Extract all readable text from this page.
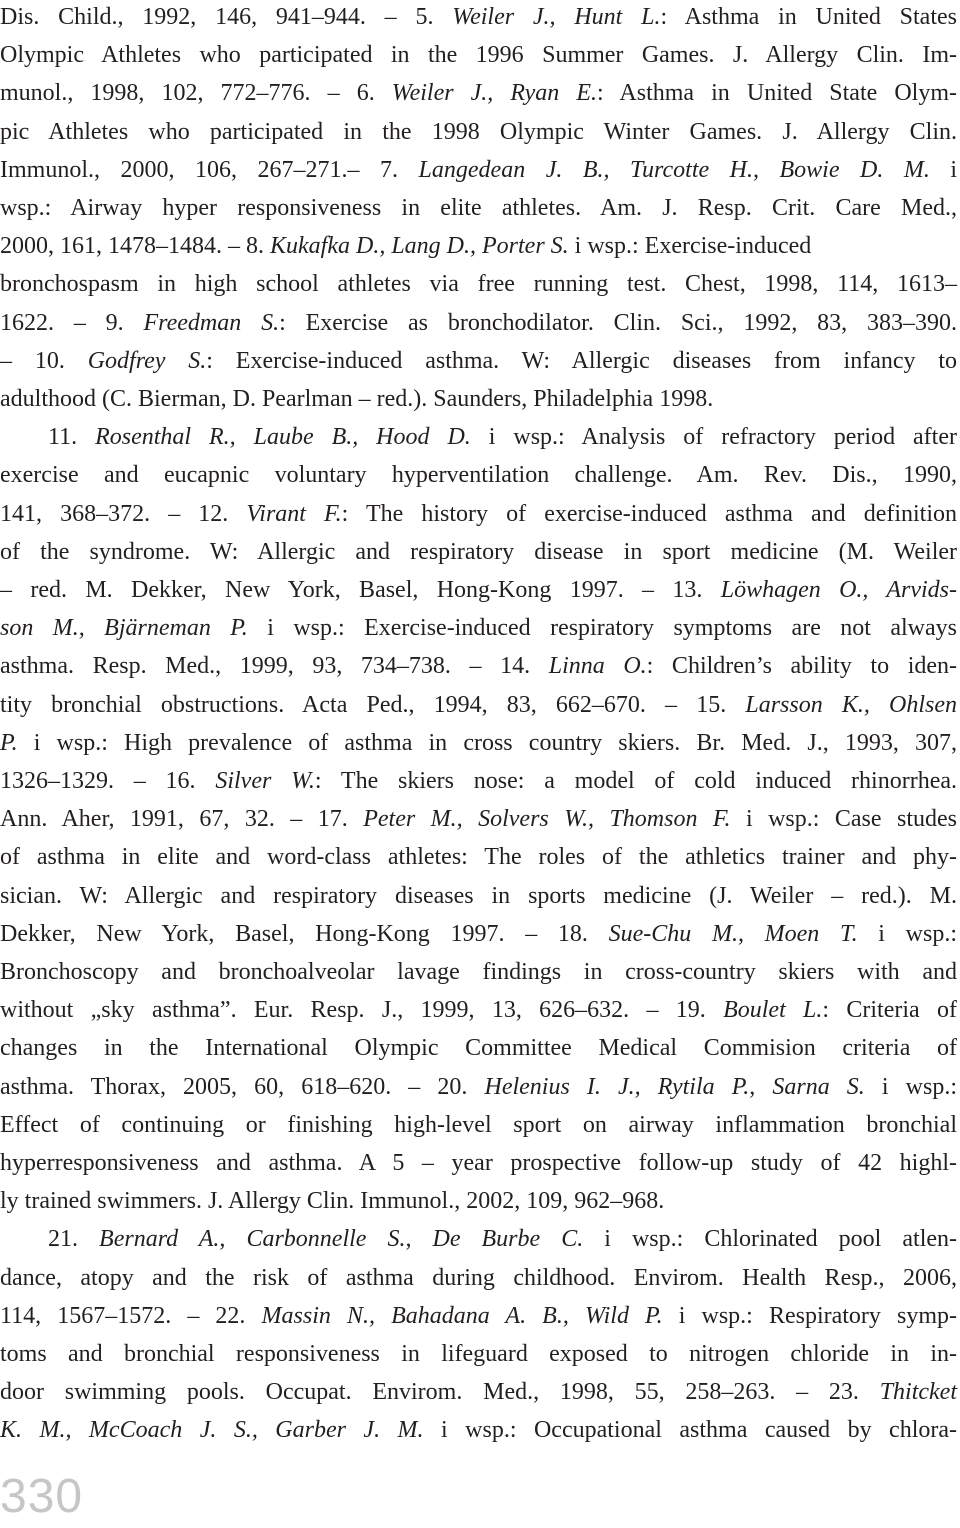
Dis. Child., 1992, 146, 941–944. – 5. Weiler J., Hunt L.: Asthma in United States
Olympic Athletes who participated in the 1996 Summer Games. J. Allergy Clin. Im-
munol., 1998, 102, 772–776. – 6. Weiler J., Ryan E.: Asthma in United State Olym-
pic Athletes who participated in the 1998 Olympic Winter Games. J. Allergy Clin.
Immunol., 2000, 106, 267–271.– 7. Langedean J. B., Turcotte H., Bowie D. M. i
wsp.: Airway hyper responsiveness in elite athletes. Am. J. Resp. Crit. Care Med.,
2000, 161, 1478–1484. – 8. Kukafka D., Lang D., Porter S. i wsp.: Exercise-induced
bronchospasm in high school athletes via free running test. Chest, 1998, 114, 1613–
1622. – 9. Freedman S.: Exercise as bronchodilator. Clin. Sci., 1992, 83, 383–390.
– 10. Godfrey S.: Exercise-induced asthma. W: Allergic diseases from infancy to
adulthood (C. Bierman, D. Pearlman – red.). Saunders, Philadelphia 1998.
11. Rosenthal R., Laube B., Hood D. i wsp.: Analysis of refractory period after
exercise and eucapnic voluntary hyperventilation challenge. Am. Rev. Dis., 1990,
141, 368–372. – 12. Virant F.: The history of exercise-induced asthma and definition
of the syndrome. W: Allergic and respiratory disease in sport medicine (M. Weiler
– red. M. Dekker, New York, Basel, Hong-Kong 1997. – 13. Löwhagen O., Arvids-
son M., Bjärneman P. i wsp.: Exercise-induced respiratory symptoms are not always
asthma. Resp. Med., 1999, 93, 734–738. – 14. Linna O.: Children’s ability to iden-
tity bronchial obstructions. Acta Ped., 1994, 83, 662–670. – 15. Larsson K., Ohlsen
P. i wsp.: High prevalence of asthma in cross country skiers. Br. Med. J., 1993, 307,
1326–1329. – 16. Silver W.: The skiers nose: a model of cold induced rhinorrhea.
Ann. Aher, 1991, 67, 32. – 17. Peter M., Solvers W., Thomson F. i wsp.: Case studes
of asthma in elite and word-class athletes: The roles of the athletics trainer and phy-
sician. W: Allergic and respiratory diseases in sports medicine (J. Weiler – red.). M.
Dekker, New York, Basel, Hong-Kong 1997. – 18. Sue-Chu M., Moen T. i wsp.:
Bronchoscopy and bronchoalveolar lavage findings in cross-country skiers with and
without „sky asthma”. Eur. Resp. J., 1999, 13, 626–632. – 19. Boulet L.: Criteria of
changes in the International Olympic Committee Medical Commision criteria of
asthma. Thorax, 2005, 60, 618–620. – 20. Helenius I. J., Rytila P., Sarna S. i wsp.:
Effect of continuing or finishing high-level sport on airway inflammation bronchial
hyperresponsiveness and asthma. A 5 – year prospective follow-up study of 42 highl-
ly trained swimmers. J. Allergy Clin. Immunol., 2002, 109, 962–968.
21. Bernard A., Carbonnelle S., De Burbe C. i wsp.: Chlorinated pool atlen-
dance, atopy and the risk of asthma during childhood. Envirom. Health Resp., 2006,
114, 1567–1572. – 22. Massin N., Bahadana A. B., Wild P. i wsp.: Respiratory symp-
toms and bronchial responsiveness in lifeguard exposed to nitrogen chloride in in-
door swimming pools. Occupat. Envirom. Med., 1998, 55, 258–263. – 23. Thitcket
K. M., McCoach J. S., Garber J. M. i wsp.: Occupational asthma caused by chlora-
330
